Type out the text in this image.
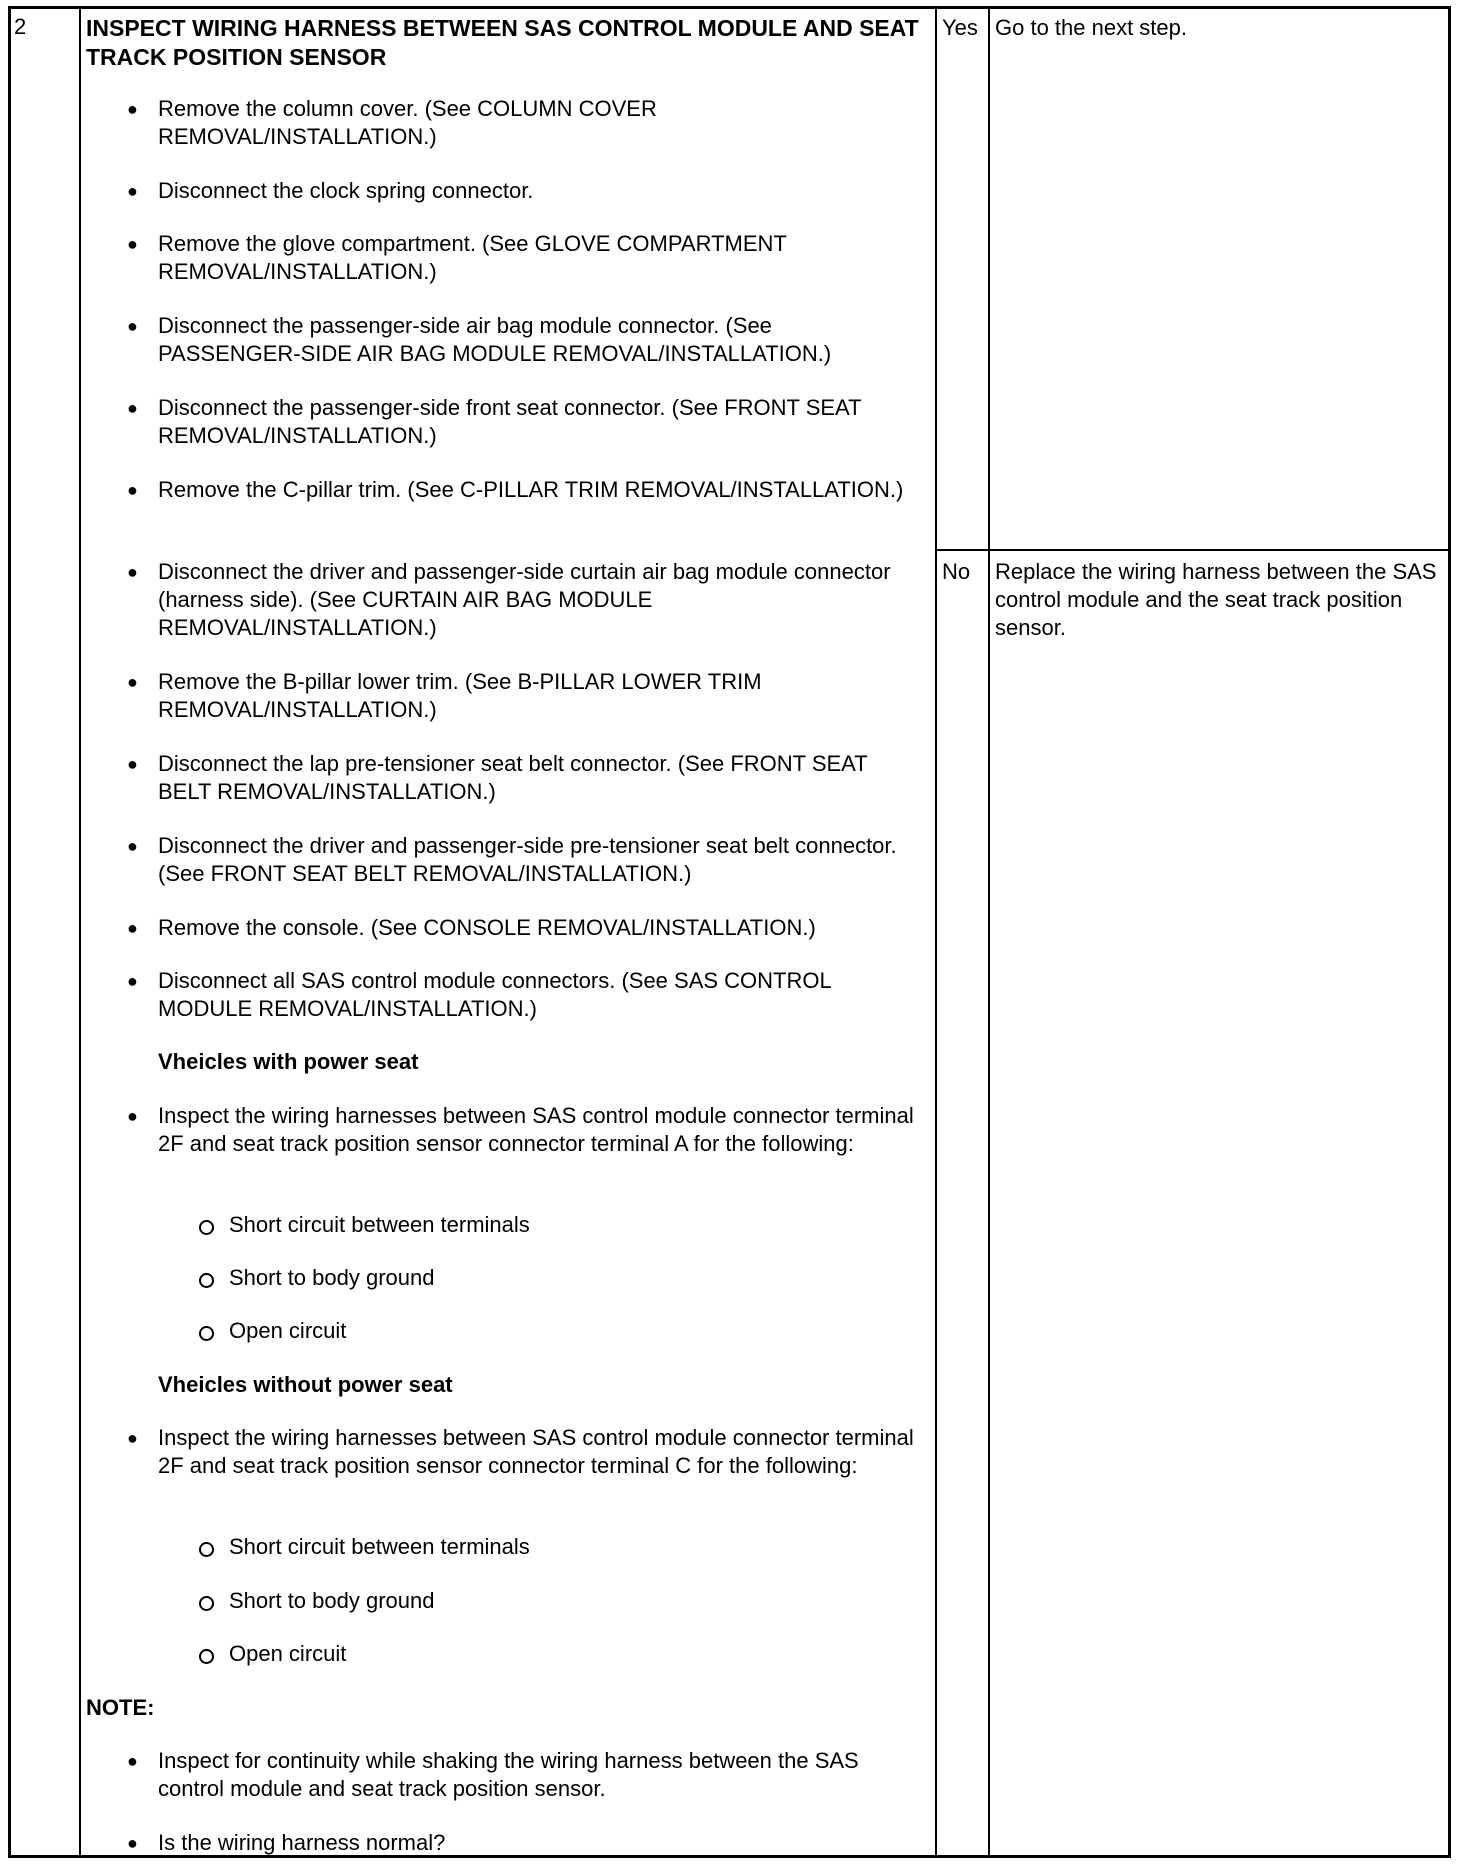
2	INSPECT WIRING HARNESS BETWEEN SAS CONTROL MODULE AND SEAT TRACK POSITION SENSOR
● Remove the column cover. (See COLUMN COVER REMOVAL/INSTALLATION.)
● Disconnect the clock spring connector.
● Remove the glove compartment. (See GLOVE COMPARTMENT REMOVAL/INSTALLATION.)
● Disconnect the passenger-side air bag module connector. (See PASSENGER-SIDE AIR BAG MODULE REMOVAL/INSTALLATION.)
● Disconnect the passenger-side front seat connector. (See FRONT SEAT REMOVAL/INSTALLATION.)
● Remove the C-pillar trim. (See C-PILLAR TRIM REMOVAL/INSTALLATION.)
● Disconnect the driver and passenger-side curtain air bag module connector (harness side). (See CURTAIN AIR BAG MODULE REMOVAL/INSTALLATION.)
● Remove the B-pillar lower trim. (See B-PILLAR LOWER TRIM REMOVAL/INSTALLATION.)
● Disconnect the lap pre-tensioner seat belt connector. (See FRONT SEAT BELT REMOVAL/INSTALLATION.)
● Disconnect the driver and passenger-side pre-tensioner seat belt connector. (See FRONT SEAT BELT REMOVAL/INSTALLATION.)
● Remove the console. (See CONSOLE REMOVAL/INSTALLATION.)
● Disconnect all SAS control module connectors. (See SAS CONTROL MODULE REMOVAL/INSTALLATION.)
Vheicles with power seat
● Inspect the wiring harnesses between SAS control module connector terminal 2F and seat track position sensor connector terminal A for the following:
Short circuit between terminals
Short to body ground
Open circuit
Vheicles without power seat
● Inspect the wiring harnesses between SAS control module connector terminal 2F and seat track position sensor connector terminal C for the following:
Short circuit between terminals
Short to body ground
Open circuit
NOTE:
● Inspect for continuity while shaking the wiring harness between the SAS control module and seat track position sensor.
● Is the wiring harness normal?
Yes Go to the next step.
No Replace the wiring harness between the SAS control module and the seat track position sensor.
